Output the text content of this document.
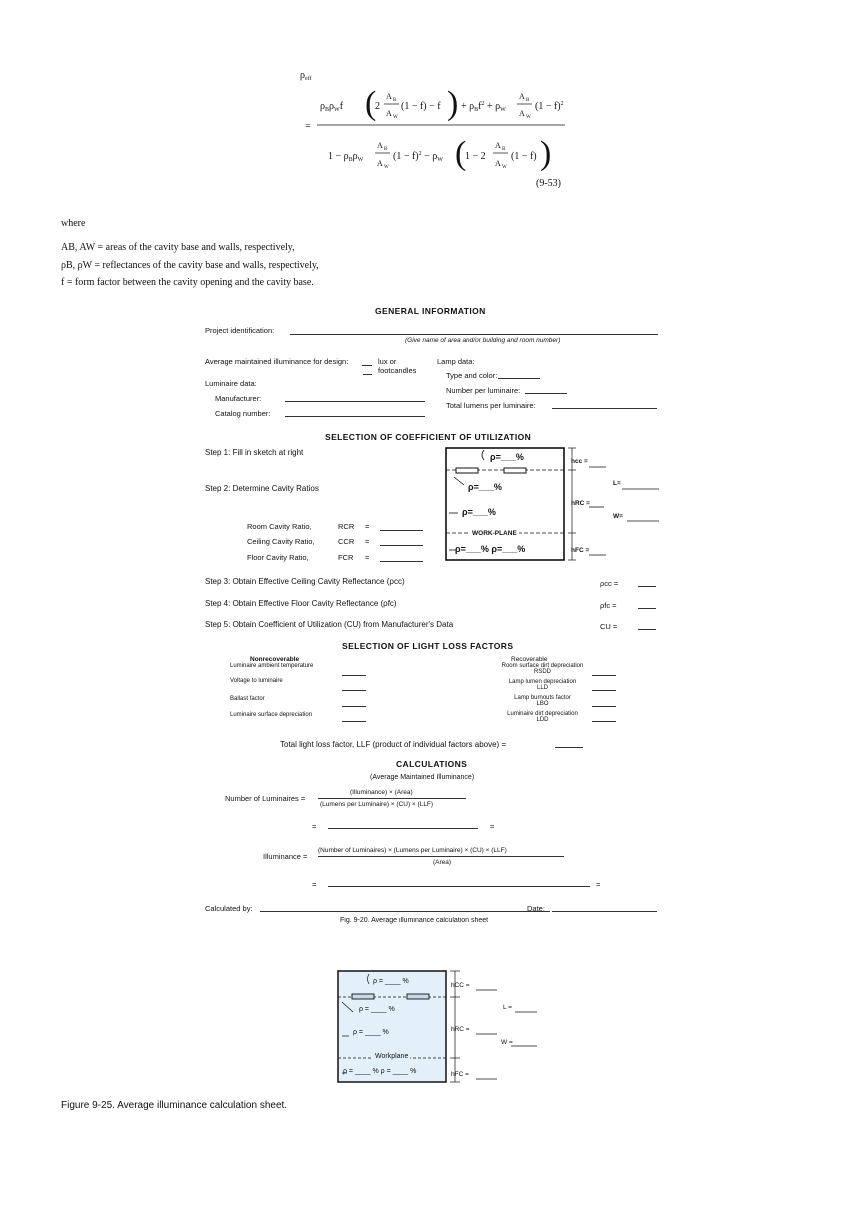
$\rho_{eff}$
$\rho_B\rho_Wf$ (
2
A B
A W
(1 − f) − f ) + $\rho_Bf^2 + \rho_W$
A B
A W
$(1 - f)^2$
=
$1 - \rho_B\rho_W$
A B
A W
$(1 - f)^2 - \rho_W$ (
1 − 2
A B
A W
(1 − f) )
(9-53)
where
AB, AW = areas of the cavity base and walls, respectively,
ρB, ρW = reflectances of the cavity base and walls, respectively,
f = form factor between the cavity opening and the cavity base.
GENERAL INFORMATION
Project identification:
(Give name of area and/or building and room number)
Average maintained illuminance for design:	lux or
footcandles
Lamp data:
Type and color:
Number per luminaire:
Total lumens per luminaire:
Luminaire data:
Manufacturer:
Catalog number:
SELECTION OF COEFFICIENT OF UTILIZATION
Step 1: Fill in sketch at right
Step 2: Determine Cavity Ratios
Room Cavity Ratio,	RCR =
Ceiling Cavity Ratio,	CCR =
Floor Cavity Ratio,	FCR =
ρ=___%
ρ=___%
ρ=___%
WORK-PLANE
ρ=___% ρ=___%
hcc =
hRC =
hFC =
L=
W=
Step 3: Obtain Effective Ceiling Cavity Reflectance (ρcc)	ρcc =
Step 4: Obtain Effective Floor Cavity Reflectance (ρfc)	ρfc =
Step 5: Obtain Coefficient of Utilization (CU) from Manufacturer's Data	CU =
SELECTION OF LIGHT LOSS FACTORS
Nonrecoverable	Recoverable
Luminaire ambient temperature
Voltage to luminaire
Ballast factor
Luminaire surface depreciation
Room surface dirt depreciation
RSDD
Lamp lumen depreciation
LLD
Lamp burnouts factor
LBO
Luminaire dirt depreciation
LDD
Total light loss factor, LLF (product of individual factors above) =
CALCULATIONS
(Average Maintained Illuminance)
Number of Luminaires =
(Illuminance) × (Area)
(Lumens per Luminaire) × (CU) × (LLF)
=	=
Illuminance =
(Number of Luminaires) × (Lumens per Luminaire) × (CU) × (LLF)
(Area)
=	=
Calculated by:	Date:
Fig. 9-20. Average illuminance calculation sheet
ρ = ____ %
ρ = ____ %
ρ = ____ %
Workplane
ρ = ____ % ρ = ____ %
hCC =
L =
hRC =
W =
hFC =
Figure 9-25. Average illuminance calculation sheet.
